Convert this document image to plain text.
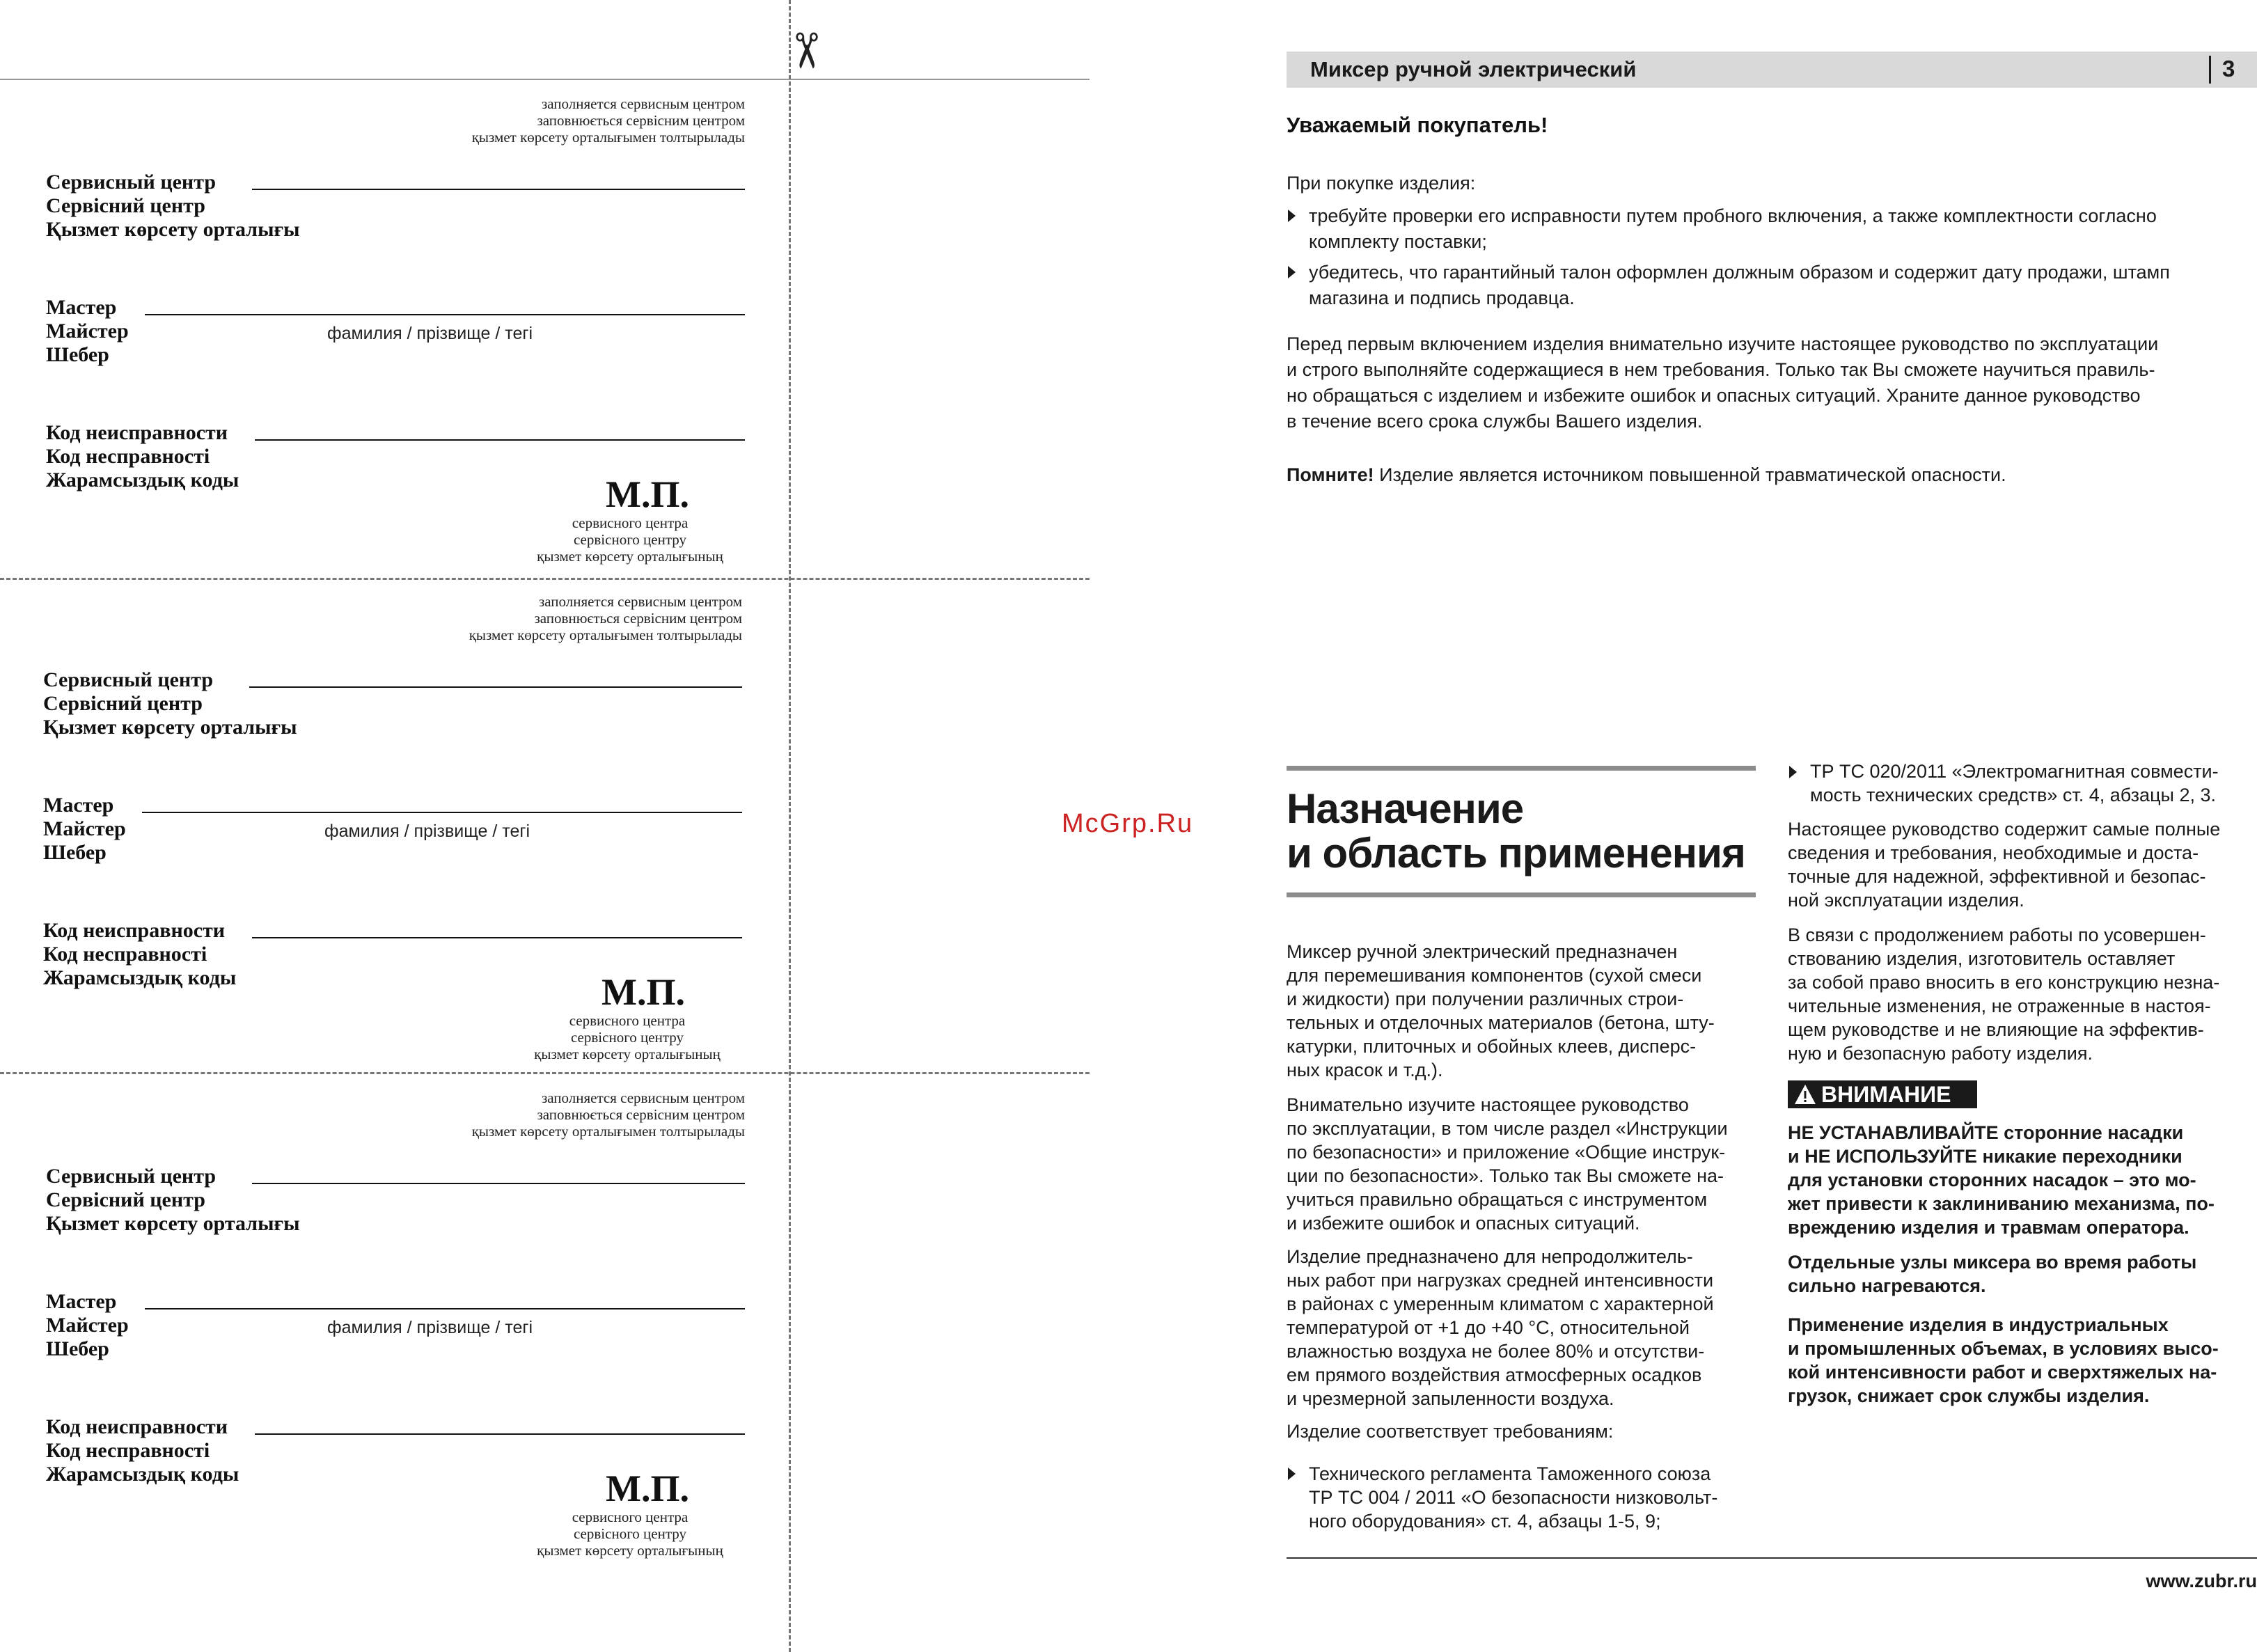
✂
заполняется сервисным центром
заповнюється сервісним центром
қызмет көрсету орталығымен толтырылады
Сервисный центр
Сервісний центр
Қызмет көрсету орталығы
Мастер
Майстер
Шебер
фамилия / прізвище / тегі
Код неисправности
Код несправності
Жарамсыздық коды	М.П.
сервисного центра
сервісного центру
қызмет көрсету орталығының
заполняется сервисным центром
заповнюється сервісним центром
қызмет көрсету орталығымен толтырылады
Сервисный центр
Сервісний центр
Қызмет көрсету орталығы
Мастер
Майстер
Шебер
фамилия / прізвище / тегі
Код неисправности
Код несправності
Жарамсыздық коды	М.П.
сервисного центра
сервісного центру
қызмет көрсету орталығының
заполняется сервисным центром
заповнюється сервісним центром
қызмет көрсету орталығымен толтырылады
Сервисный центр
Сервісний центр
Қызмет көрсету орталығы
Мастер
Майстер
Шебер
фамилия / прізвище / тегі
Код неисправности
Код несправності
Жарамсыздық коды	М.П.
сервисного центра
сервісного центру
қызмет көрсету орталығының
McGrp.Ru
Миксер ручной электрический	3
Уважаемый покупатель!
При покупке изделия:
требуйте проверки его исправности путем пробного включения, а также комплектности согласно
комплекту поставки;
убедитесь, что гарантийный талон оформлен должным образом и содержит дату продажи, штамп
магазина и подпись продавца.
Перед первым включением изделия внимательно изучите настоящее руководство по эксплуатации
и строго выполняйте содержащиеся в нем требования. Только так Вы сможете научиться правиль-
но обращаться с изделием и избежите ошибок и опасных ситуаций. Храните данное руководство
в течение всего срока службы Вашего изделия.
Помните! Изделие является источником повышенной травматической опасности.
Назначение
и область применения
Миксер ручной электрический предназначен
для перемешивания компонентов (сухой смеси
и жидкости) при получении различных строи-
тельных и отделочных материалов (бетона, шту-
катурки, плиточных и обойных клеев, дисперс-
ных красок и т.д.).
Внимательно изучите настоящее руководство
по эксплуатации, в том числе раздел «Инструкции
по безопасности» и приложение «Общие инструк-
ции по безопасности». Только так Вы сможете на-
учиться правильно обращаться с инструментом
и избежите ошибок и опасных ситуаций.
Изделие предназначено для непродолжитель-
ных работ при нагрузках средней интенсивности
в районах с умеренным климатом с характерной
температурой от +1 до +40 °С, относительной
влажностью воздуха не более 80% и отсутстви-
ем прямого воздействия атмосферных осадков
и чрезмерной запыленности воздуха.
Изделие соответствует требованиям:
Технического регламента Таможенного союза
ТР ТС 004 / 2011 «О безопасности низковольт-
ного оборудования» ст. 4, абзацы 1-5, 9;
ТР ТС 020/2011 «Электромагнитная совмести-
мость технических средств» ст. 4, абзацы 2, 3.
Настоящее руководство содержит самые полные
сведения и требования, необходимые и доста-
точные для надежной, эффективной и безопас-
ной эксплуатации изделия.
В связи с продолжением работы по усовершен-
ствованию изделия, изготовитель оставляет
за собой право вносить в его конструкцию незна-
чительные изменения, не отраженные в настоя-
щем руководстве и не влияющие на эффектив-
ную и безопасную работу изделия.
ВНИМАНИЕ
НЕ УСТАНАВЛИВАЙТЕ сторонние насадки
и НЕ ИСПОЛЬЗУЙТЕ никакие переходники
для установки сторонних насадок – это мо-
жет привести к заклиниванию механизма, по-
вреждению изделия и травмам оператора.
Отдельные узлы миксера во время работы
сильно нагреваются.
Применение изделия в индустриальных
и промышленных объемах, в условиях высо-
кой интенсивности работ и сверхтяжелых на-
грузок, снижает срок службы изделия.
www.zubr.ru
